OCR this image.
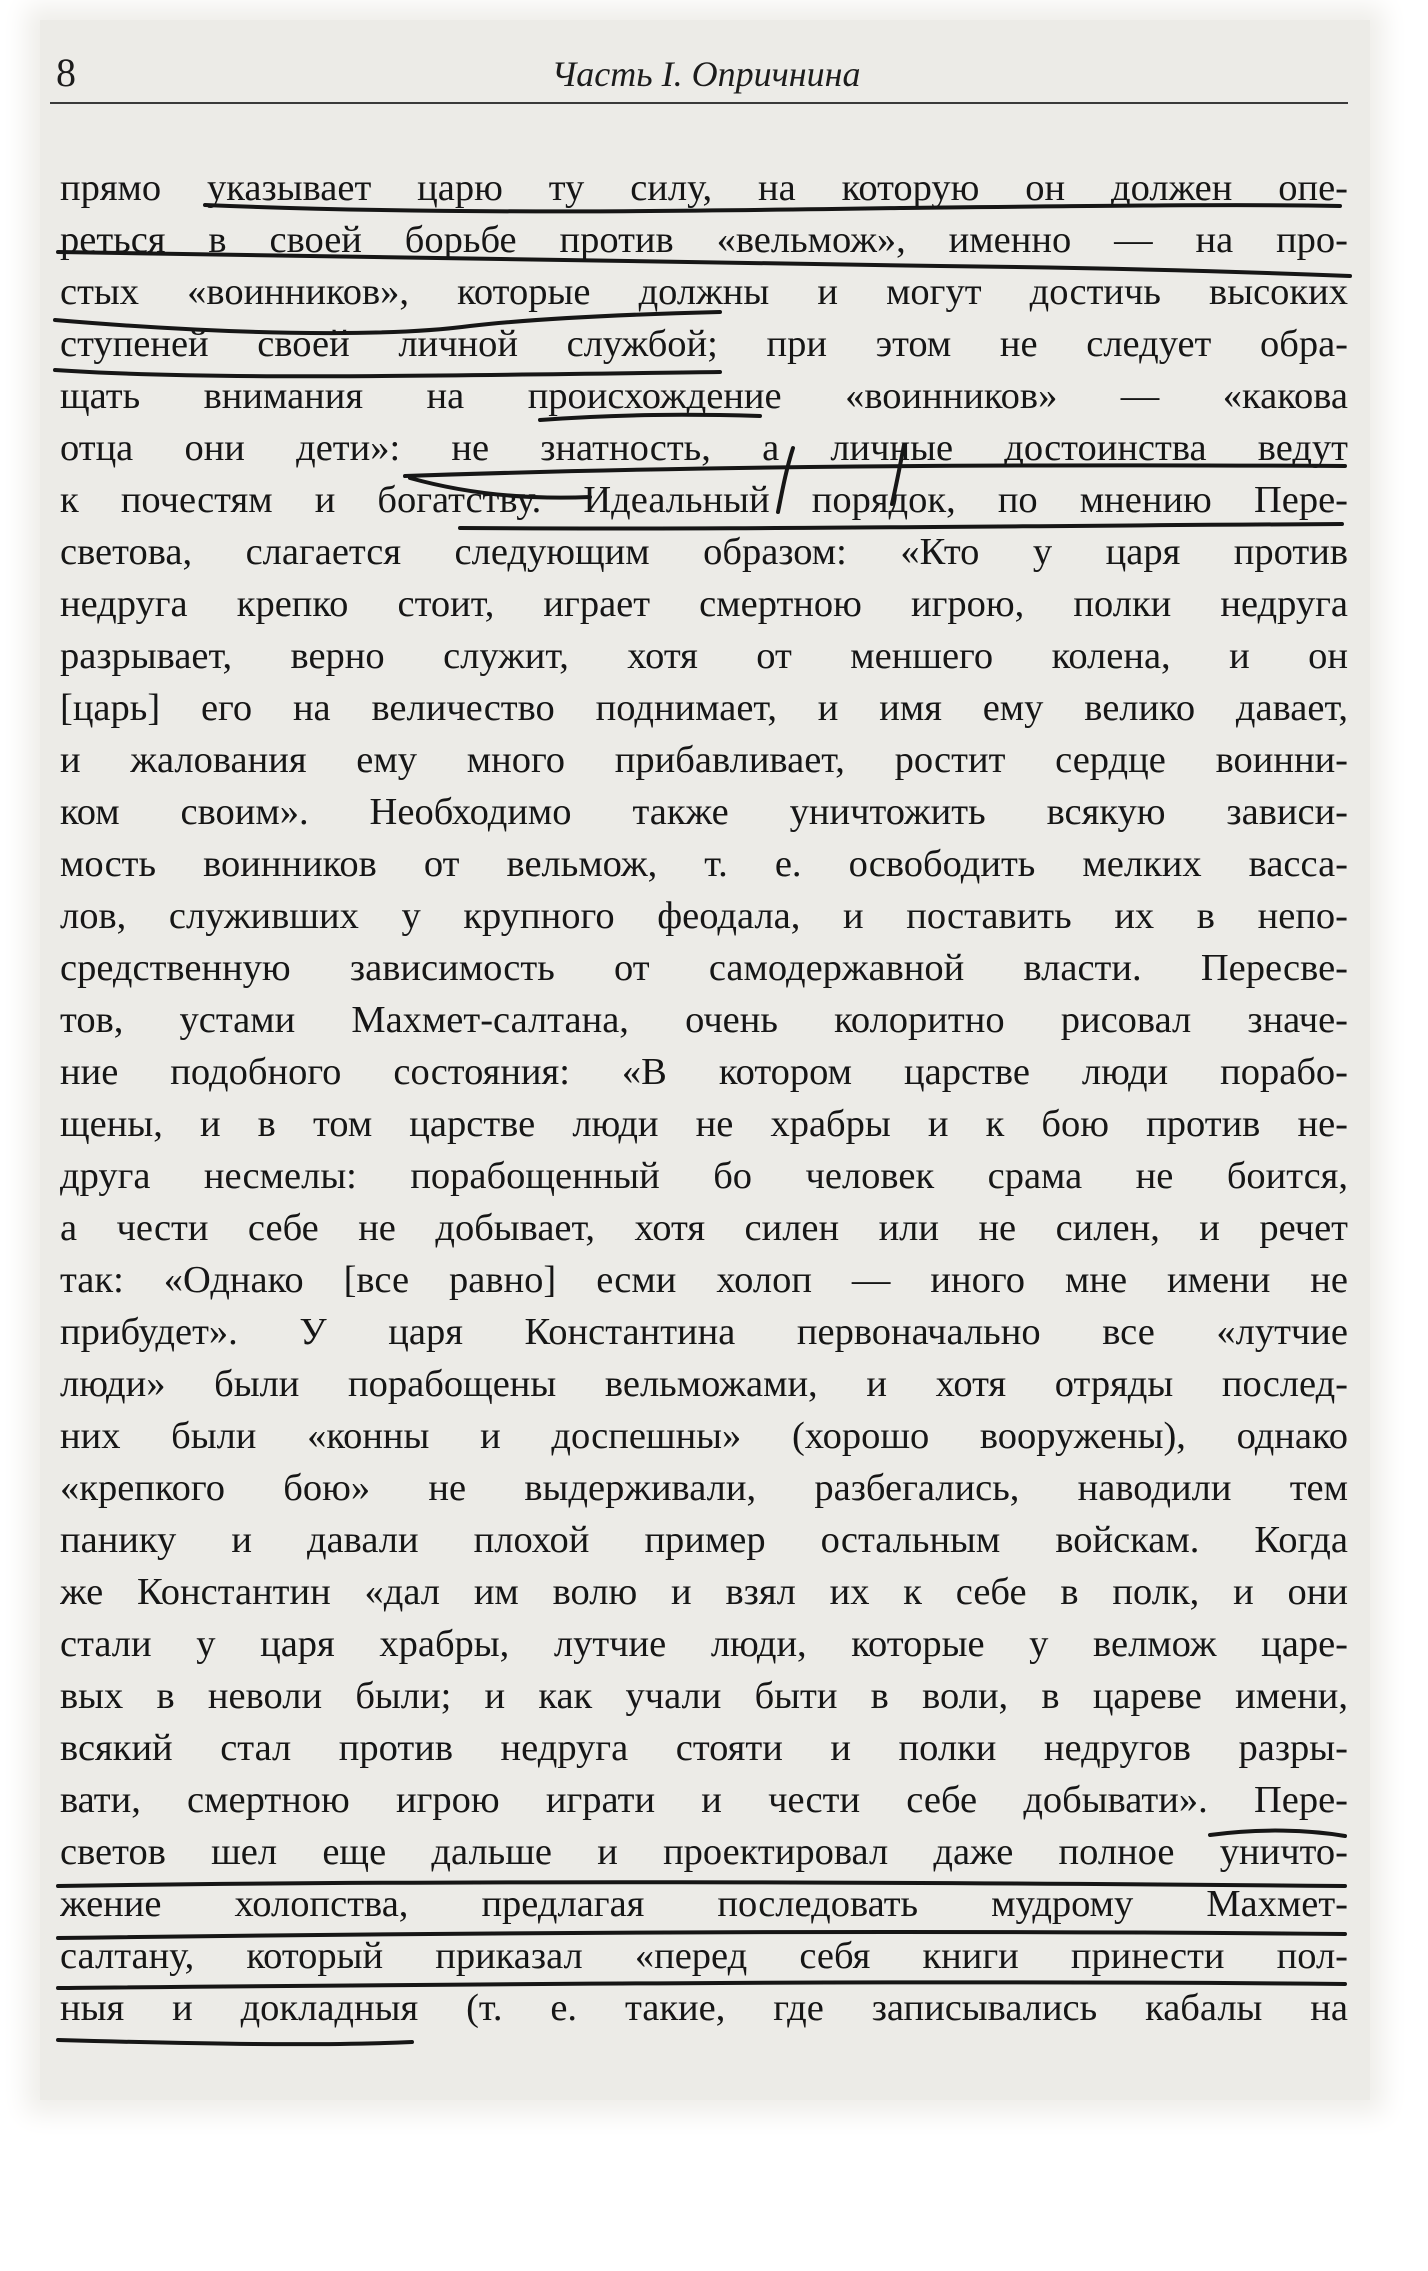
8	Часть I. Опричнина
прямо указывает царю ту силу, на которую он должен опе-
реться в своей борьбе против «вельмож», именно — на про-
стых «воинников», которые должны и могут достичь высоких
ступеней своей личной службой; при этом не следует обра-
щать внимания на происхождение «воинников» — «какова
отца они дети»: не знатность, а личные достоинства ведут
к почестям и богатству. Идеальный порядок, по мнению Пере-
светова, слагается следующим образом: «Кто у царя против
недруга крепко стоит, играет смертною игрою, полки недруга
разрывает, верно служит, хотя от меншего колена, и он
[царь] его на величество поднимает, и имя ему велико давает,
и жалования ему много прибавливает, ростит сердце воинни-
ком своим». Необходимо также уничтожить всякую зависи-
мость воинников от вельмож, т. е. освободить мелких васса-
лов, служивших у крупного феодала, и поставить их в непо-
средственную зависимость от самодержавной власти. Пересве-
тов, устами Махмет-салтана, очень колоритно рисовал значе-
ние подобного состояния: «В котором царстве люди порабо-
щены, и в том царстве люди не храбры и к бою против не-
друга несмелы: порабощенный бо человек срама не боится,
а чести себе не добывает, хотя силен или не силен, и речет
так: «Однако [все равно] есми холоп — иного мне имени не
прибудет». У царя Константина первоначально все «лутчие
люди» были порабощены вельможами, и хотя отряды послед-
них были «конны и доспешны» (хорошо вооружены), однако
«крепкого бою» не выдерживали, разбегались, наводили тем
панику и давали плохой пример остальным войскам. Когда
же Константин «дал им волю и взял их к себе в полк, и они
стали у царя храбры, лутчие люди, которые у велмож царе-
вых в неволи были; и как учали быти в воли, в цареве имени,
всякий стал против недруга стояти и полки недругов разры-
вати, смертною игрою играти и чести себе добывати». Пере-
светов шел еще дальше и проектировал даже полное уничто-
жение холопства, предлагая последовать мудрому Махмет-
салтану, который приказал «перед себя книги принести пол-
ныя и докладныя (т. е. такие, где записывались кабалы на
